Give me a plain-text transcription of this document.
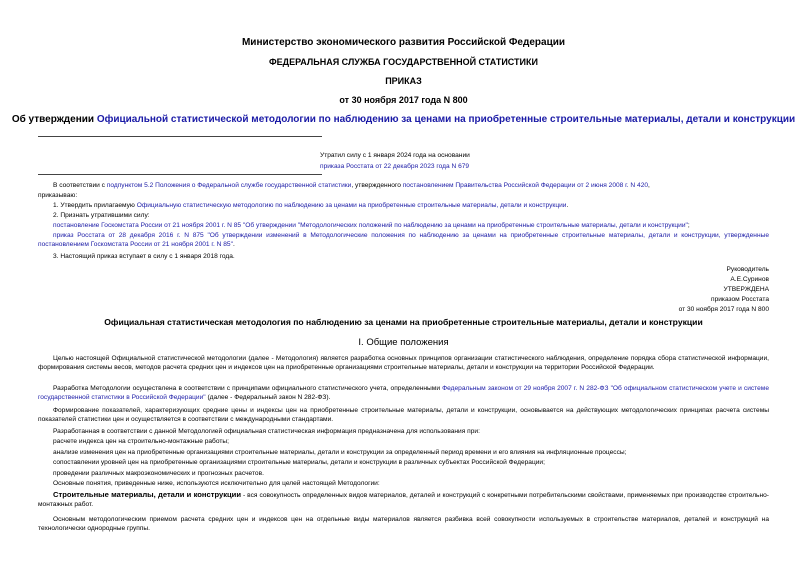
Министерство экономического развития Российской Федерации
ФЕДЕРАЛЬНАЯ СЛУЖБА ГОСУДАРСТВЕННОЙ СТАТИСТИКИ
ПРИКАЗ
от 30 ноября 2017 года N 800
Об утверждении Официальной статистической методологии по наблюдению за ценами на приобретенные строительные материалы, детали и конструкции
Утратил силу с 1 января 2024 года на основании
приказа Росстата от 22 декабря 2023 года N 679
В соответствии с подпунктом 5.2 Положения о Федеральной службе государственной статистики, утвержденного постановлением Правительства Российской Федерации от 2 июня 2008 г. N 420,
приказываю:
1. Утвердить прилагаемую Официальную статистическую методологию по наблюдению за ценами на приобретенные строительные материалы, детали и конструкции.
2. Признать утратившими силу:
постановление Госкомстата России от 21 ноября 2001 г. N 85 "Об утверждении "Методологических положений по наблюдению за ценами на приобретенные строительные материалы, детали и конструкции";
приказ Росстата от 28 декабря 2016 г. N 875 "Об утверждении изменений в Методологические положения по наблюдению за ценами на приобретенные строительные материалы, детали и конструкции, утвержденные постановлением Госкомстата России от 21 ноября 2001 г. N 85".
3. Настоящий приказ вступает в силу с 1 января 2018 года.
Руководитель
А.Е.Суринов
УТВЕРЖДЕНА
приказом Росстата
от 30 ноября 2017 года N 800
Официальная статистическая методология по наблюдению за ценами на приобретенные строительные материалы, детали и конструкции
I. Общие положения
Целью настоящей Официальной статистической методологии (далее - Методология) является разработка основных принципов организации статистического наблюдения, определение порядка сбора статистической информации, формирования системы весов, методов расчета средних цен и индексов цен на приобретенные организациями строительные материалы, детали и конструкции на территории Российской Федерации.
Разработка Методологии осуществлена в соответствии с принципами официального статистического учета, определенными Федеральным законом от 29 ноября 2007 г. N 282-ФЗ "Об официальном статистическом учете и системе государственной статистики в Российской Федерации" (далее - Федеральный закон N 282-ФЗ).
Формирование показателей, характеризующих средние цены и индексы цен на приобретенные строительные материалы, детали и конструкции, основывается на действующих методологических принципах расчета системы показателей статистики цен и осуществляется в соответствии с международными стандартами.
Разработанная в соответствии с данной Методологией официальная статистическая информация предназначена для использования при:
расчете индекса цен на строительно-монтажные работы;
анализе изменения цен на приобретенные организациями строительные материалы, детали и конструкции за определенный период времени и его влияния на инфляционные процессы;
сопоставлении уровней цен на приобретенные организациями строительные материалы, детали и конструкции в различных субъектах Российской Федерации;
проведении различных макроэкономических и прогнозных расчетов.
Основные понятия, приведенные ниже, используются исключительно для целей настоящей Методологии:
Строительные материалы, детали и конструкции - вся совокупность определенных видов материалов, деталей и конструкций с конкретными потребительскими свойствами, применяемых при производстве строительно-монтажных работ.
Основным методологическим приемом расчета средних цен и индексов цен на отдельные виды материалов является разбивка всей совокупности используемых в строительстве материалов, деталей и конструкций на технологически однородные группы.
